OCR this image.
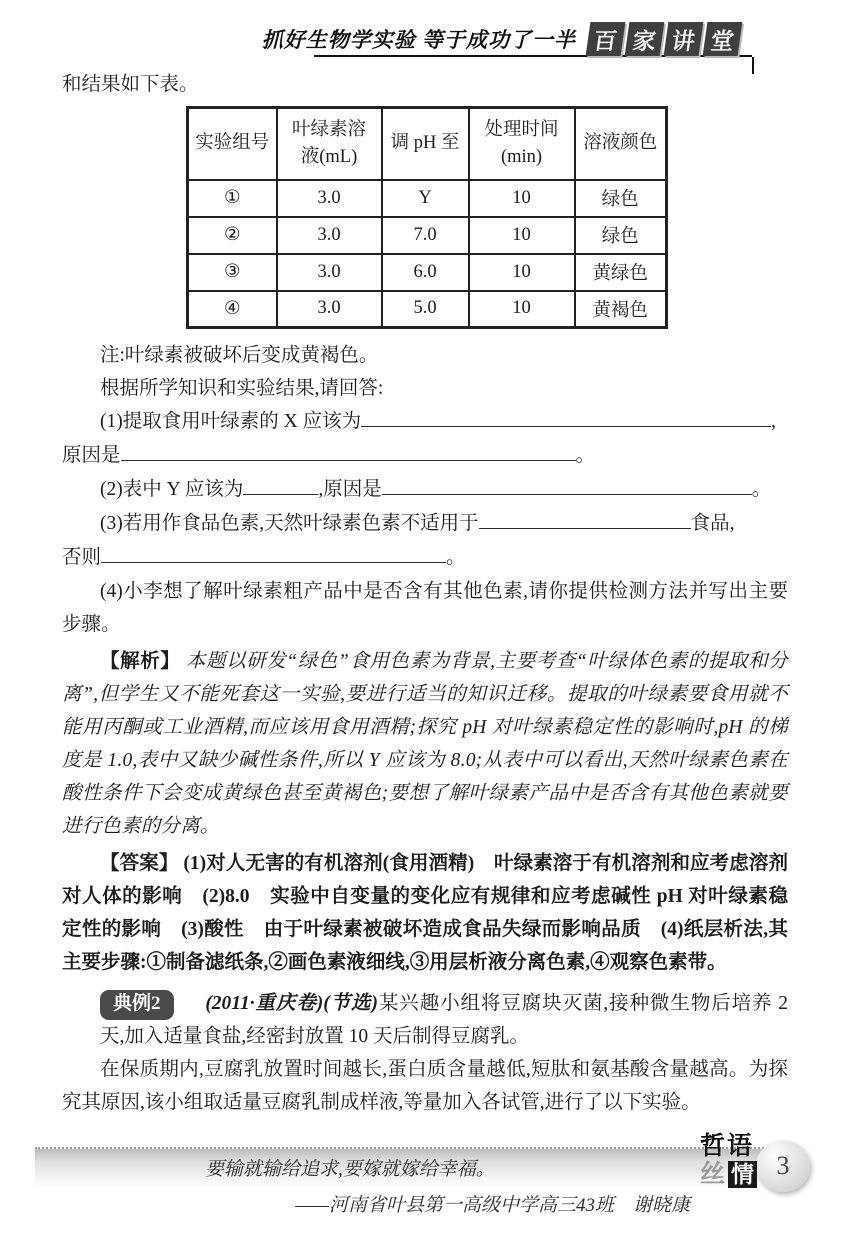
抓好生物学实验 等于成功了一半 百 家 讲 堂
和结果如下表。
实验组号	叶绿素溶液(mL)	调 pH 至	处理时间 (min)	溶液颜色
①	3.0	Y	10	绿色
②	3.0	7.0	10	绿色
③	3.0	6.0	10	黄绿色
④	3.0	5.0	10	黄褐色
注:叶绿素被破坏后变成黄褐色。
根据所学知识和实验结果,请回答:
(1)提取食用叶绿素的 X 应该为	,
原因是	。
(2)表中 Y 应该为	,原因是	。
(3)若用作食品色素,天然叶绿素色素不适用于	食品,
否则	。

(4)小李想了解叶绿素粗产品中是否含有其他色素,请你提供检测方法并写出主要步骤。

【解析】 本题以研发“绿色”食用色素为背景,主要考查“叶绿体色素的提取和分离”,但学生又不能死套这一实验,要进行适当的知识迁移。提取的叶绿素要食用就不能用丙酮或工业酒精,而应该用食用酒精;探究 pH 对叶绿素稳定性的影响时,pH 的梯度是 1.0,表中又缺少碱性条件,所以 Y 应该为 8.0;从表中可以看出,天然叶绿素色素在酸性条件下会变成黄绿色甚至黄褐色;要想了解叶绿素产品中是否含有其他色素就要进行色素的分离。

【答案】 (1)对人无害的有机溶剂(食用酒精)　叶绿素溶于有机溶剂和应考虑溶剂对人体的影响　(2)8.0　实验中自变量的变化应有规律和应考虑碱性 pH 对叶绿素稳定性的影响　(3)酸性　由于叶绿素被破坏造成食品失绿而影响品质　(4)纸层析法,其主要步骤:①制备滤纸条,②画色素液细线,③用层析液分离色素,④观察色素带。

典例2 (2011·重庆卷)(节选)某兴趣小组将豆腐块灭菌,接种微生物后培养 2 天,加入适量食盐,经密封放置 10 天后制得豆腐乳。

在保质期内,豆腐乳放置时间越长,蛋白质含量越低,短肽和氨基酸含量越高。为探究其原因,该小组取适量豆腐乳制成样液,等量加入各试管,进行了以下实验。

要输就输给追求,要嫁就嫁给幸福。
——河南省叶县第一高级中学高三43班　谢晓康
3
哲语
丝 情
